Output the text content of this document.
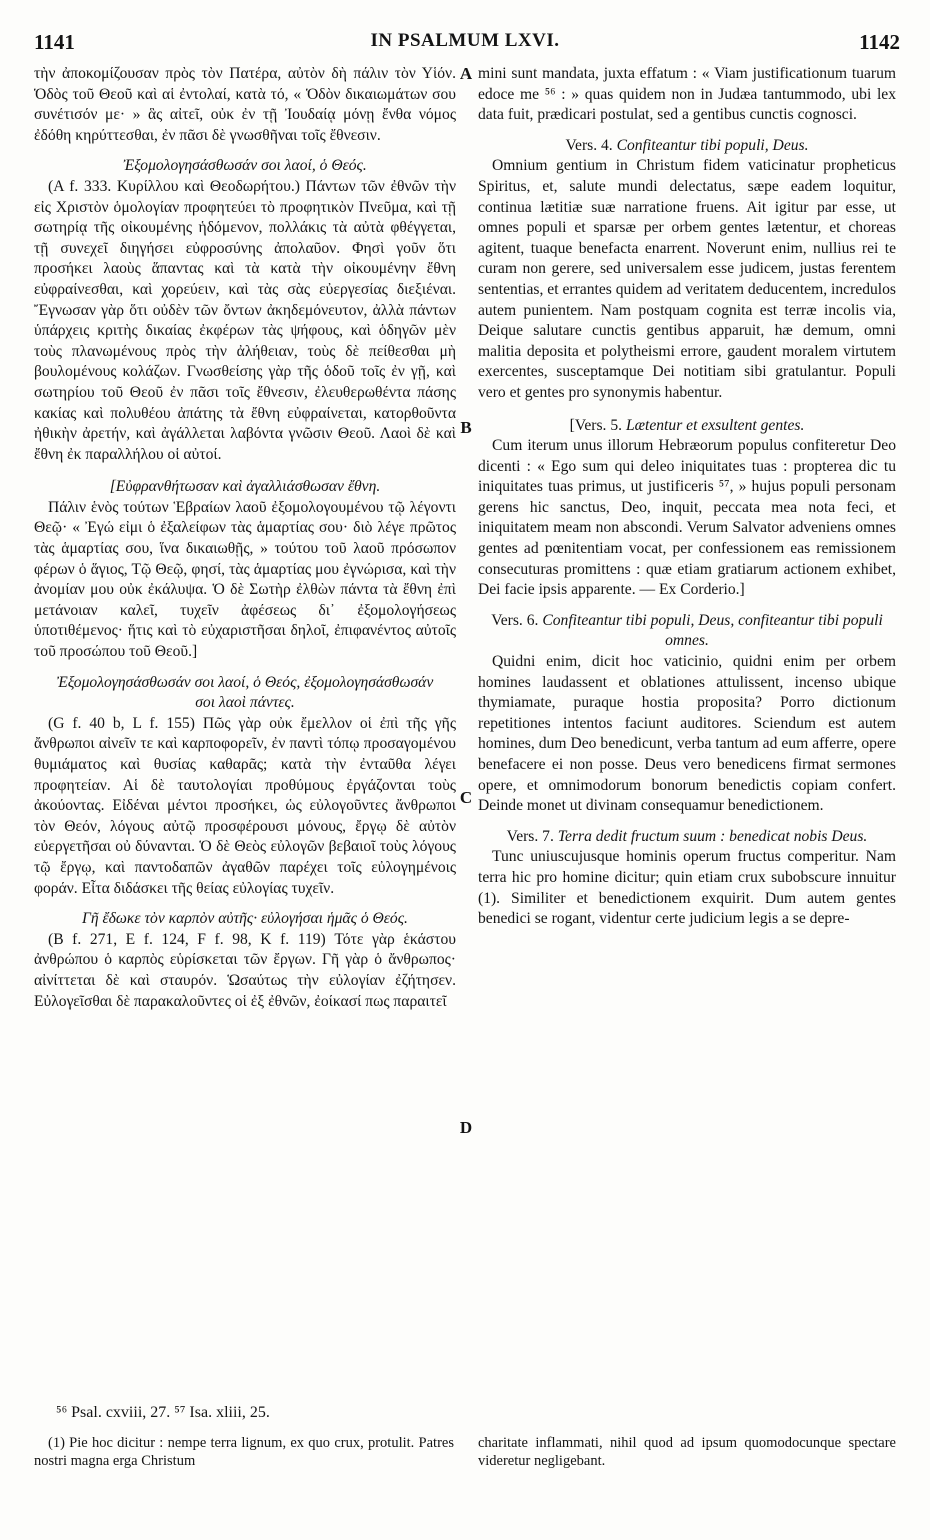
1141	IN PSALMUM LXVI.	1142

τὴν ἀποκομίζουσαν πρὸς τὸν Πατέρα, αὐτὸν δὴ πάλιν τὸν Υἱόν. Ὁδὸς τοῦ Θεοῦ καὶ αἱ ἐντολαί, κατὰ τό, « Ὁδὸν δικαιωμάτων σου συνέτισόν με· » ἃς αἰτεῖ, οὐκ ἐν τῇ Ἰουδαίᾳ μόνῃ ἔνθα νόμος ἐδόθη κηρύττεσθαι, ἐν πᾶσι δὲ γνωσθῆναι τοῖς ἔθνεσιν.

Ἐξομολογησάσθωσάν σοι λαοί, ὁ Θεός.

(A f. 333. Κυρίλλου καὶ Θεοδωρήτου.) Πάντων τῶν ἐθνῶν τὴν εἰς Χριστὸν ὁμολογίαν προφητεύει τὸ προφητικὸν Πνεῦμα, καὶ τῇ σωτηρίᾳ τῆς οἰκουμένης ἡδόμενον, πολλάκις τὰ αὐτὰ φθέγγεται, τῇ συνεχεῖ διηγήσει εὐφροσύνης ἀπολαῦον. Φησὶ γοῦν ὅτι προσήκει λαοὺς ἅπαντας καὶ τὰ κατὰ τὴν οἰκουμένην ἔθνη εὐφραίνεσθαι, καὶ χορεύειν, καὶ τὰς σὰς εὐεργεσίας διεξιέναι. Ἔγνωσαν γὰρ ὅτι οὐδὲν τῶν ὄντων ἀκηδεμόνευτον, ἀλλὰ πάντων ὑπάρχεις κριτὴς δικαίας ἐκφέρων τὰς ψήφους, καὶ ὁδηγῶν μὲν τοὺς πλανωμένους πρὸς τὴν ἀλήθειαν, τοὺς δὲ πείθεσθαι μὴ βουλομένους κολάζων. Γνωσθείσης γὰρ τῆς ὁδοῦ τοῖς ἐν γῇ, καὶ σωτηρίου τοῦ Θεοῦ ἐν πᾶσι τοῖς ἔθνεσιν, ἐλευθερωθέντα πάσης κακίας καὶ πολυθέου ἀπάτης τὰ ἔθνη εὐφραίνεται, κατορθοῦντα ἠθικὴν ἀρετήν, καὶ ἀγάλλεται λαβόντα γνῶσιν Θεοῦ. Λαοὶ δὲ καὶ ἔθνη ἐκ παραλλήλου οἱ αὐτοί.

[Εὐφρανθήτωσαν καὶ ἀγαλλιάσθωσαν ἔθνη.

Πάλιν ἑνὸς τούτων Ἑβραίων λαοῦ ἐξομολογουμένου τῷ λέγοντι Θεῷ· « Ἐγώ εἰμι ὁ ἐξαλείφων τὰς ἁμαρτίας σου· διὸ λέγε πρῶτος τὰς ἁμαρτίας σου, ἵνα δικαιωθῇς, » τούτου τοῦ λαοῦ πρόσωπον φέρων ὁ ἅγιος, Τῷ Θεῷ, φησί, τὰς ἁμαρτίας μου ἐγνώρισα, καὶ τὴν ἀνομίαν μου οὐκ ἐκάλυψα. Ὁ δὲ Σωτὴρ ἐλθὼν πάντα τὰ ἔθνη ἐπὶ μετάνοιαν καλεῖ, τυχεῖν ἀφέσεως δι᾿ ἐξομολογήσεως ὑποτιθέμενος· ἥτις καὶ τὸ εὐχαριστῆσαι δηλοῖ, ἐπιφανέντος αὐτοῖς τοῦ προσώπου τοῦ Θεοῦ.]

Ἐξομολογησάσθωσάν σοι λαοί, ὁ Θεός, ἐξομολογησάσθωσάν σοι λαοὶ πάντες.

(G f. 40 b, L f. 155) Πῶς γὰρ οὐκ ἔμελλον οἱ ἐπὶ τῆς γῆς ἄνθρωποι αἰνεῖν τε καὶ καρποφορεῖν, ἐν παντὶ τόπῳ προσαγομένου θυμιάματος καὶ θυσίας καθαρᾶς; κατὰ τὴν ἐνταῦθα λέγει προφητείαν. Αἱ δὲ ταυτολογίαι προθύμους ἐργάζονται τοὺς ἀκούοντας. Εἰδέναι μέντοι προσήκει, ὡς εὐλογοῦντες ἄνθρωποι τὸν Θεόν, λόγους αὐτῷ προσφέρουσι μόνους, ἔργῳ δὲ αὐτὸν εὐεργετῆσαι οὐ δύνανται. Ὁ δὲ Θεὸς εὐλογῶν βεβαιοῖ τοὺς λόγους τῷ ἔργῳ, καὶ παντοδαπῶν ἀγαθῶν παρέχει τοῖς εὐλογημένοις φοράν. Εἶτα διδάσκει τῆς θείας εὐλογίας τυχεῖν.

Γῆ ἔδωκε τὸν καρπὸν αὐτῆς· εὐλογήσαι ἡμᾶς ὁ Θεός.

(B f. 271, E f. 124, F f. 98, K f. 119) Τότε γὰρ ἑκάστου ἀνθρώπου ὁ καρπὸς εὑρίσκεται τῶν ἔργων. Γῆ γὰρ ὁ ἄνθρωπος· αἰνίττεται δὲ καὶ σταυρόν. Ὡσαύτως τὴν εὐλογίαν ἐζήτησεν. Εὐλογεῖσθαι δὲ παρακαλοῦντες οἱ ἐξ ἐθνῶν, ἐοίκασί πως παραιτεῖ

A
B
C
D

mini sunt mandata, juxta effatum : « Viam justificationum tuarum edoce me ⁵⁶ : » quas quidem non in Judæa tantummodo, ubi lex data fuit, prædicari postulat, sed a gentibus cunctis cognosci.

Vers. 4. Confiteantur tibi populi, Deus.

Omnium gentium in Christum fidem vaticinatur propheticus Spiritus, et, salute mundi delectatus, sæpe eadem loquitur, continua lætitiæ suæ narratione fruens. Ait igitur par esse, ut omnes populi et sparsæ per orbem gentes lætentur, et choreas agitent, tuaque benefacta enarrent. Noverunt enim, nullius rei te curam non gerere, sed universalem esse judicem, justas ferentem sententias, et errantes quidem ad veritatem deducentem, incredulos autem punientem. Nam postquam cognita est terræ incolis via, Deique salutare cunctis gentibus apparuit, hæ demum, omni malitia deposita et polytheismi errore, gaudent moralem virtutem exercentes, susceptamque Dei notitiam sibi gratulantur. Populi vero et gentes pro synonymis habentur.

[Vers. 5. Lætentur et exsultent gentes.

Cum iterum unus illorum Hebræorum populus confiteretur Deo dicenti : « Ego sum qui deleo iniquitates tuas : propterea dic tu iniquitates tuas primus, ut justificeris ⁵⁷, » hujus populi personam gerens hic sanctus, Deo, inquit, peccata mea nota feci, et iniquitatem meam non abscondi. Verum Salvator adveniens omnes gentes ad pœnitentiam vocat, per confessionem eas remissionem consecuturas promittens : quæ etiam gratiarum actionem exhibet, Dei facie ipsis apparente. — Ex Corderio.]

Vers. 6. Confiteantur tibi populi, Deus, confiteantur tibi populi omnes.

Quidni enim, dicit hoc vaticinio, quidni enim per orbem homines laudassent et oblationes attulissent, incenso ubique thymiamate, puraque hostia proposita? Porro dictionum repetitiones intentos faciunt auditores. Sciendum est autem homines, dum Deo benedicunt, verba tantum ad eum afferre, opere benefacere ei non posse. Deus vero benedicens firmat sermones opere, et omnimodorum bonorum benedictis copiam confert. Deinde monet ut divinam consequamur benedictionem.

Vers. 7. Terra dedit fructum suum : benedicat nobis Deus.

Tunc uniuscujusque hominis operum fructus comperitur. Nam terra hic pro homine dicitur; quin etiam crux subobscure innuitur (1). Similiter et benedictionem exquirit. Dum autem gentes benedici se rogant, videntur certe judicium legis a se depre-

⁵⁶ Psal. cxviii, 27. ⁵⁷ Isa. xliii, 25.
(1) Pie hoc dicitur : nempe terra lignum, ex quo crux, protulit. Patres nostri magna erga Christum
charitate inflammati, nihil quod ad ipsum quomodocunque spectare videretur negligebant.
